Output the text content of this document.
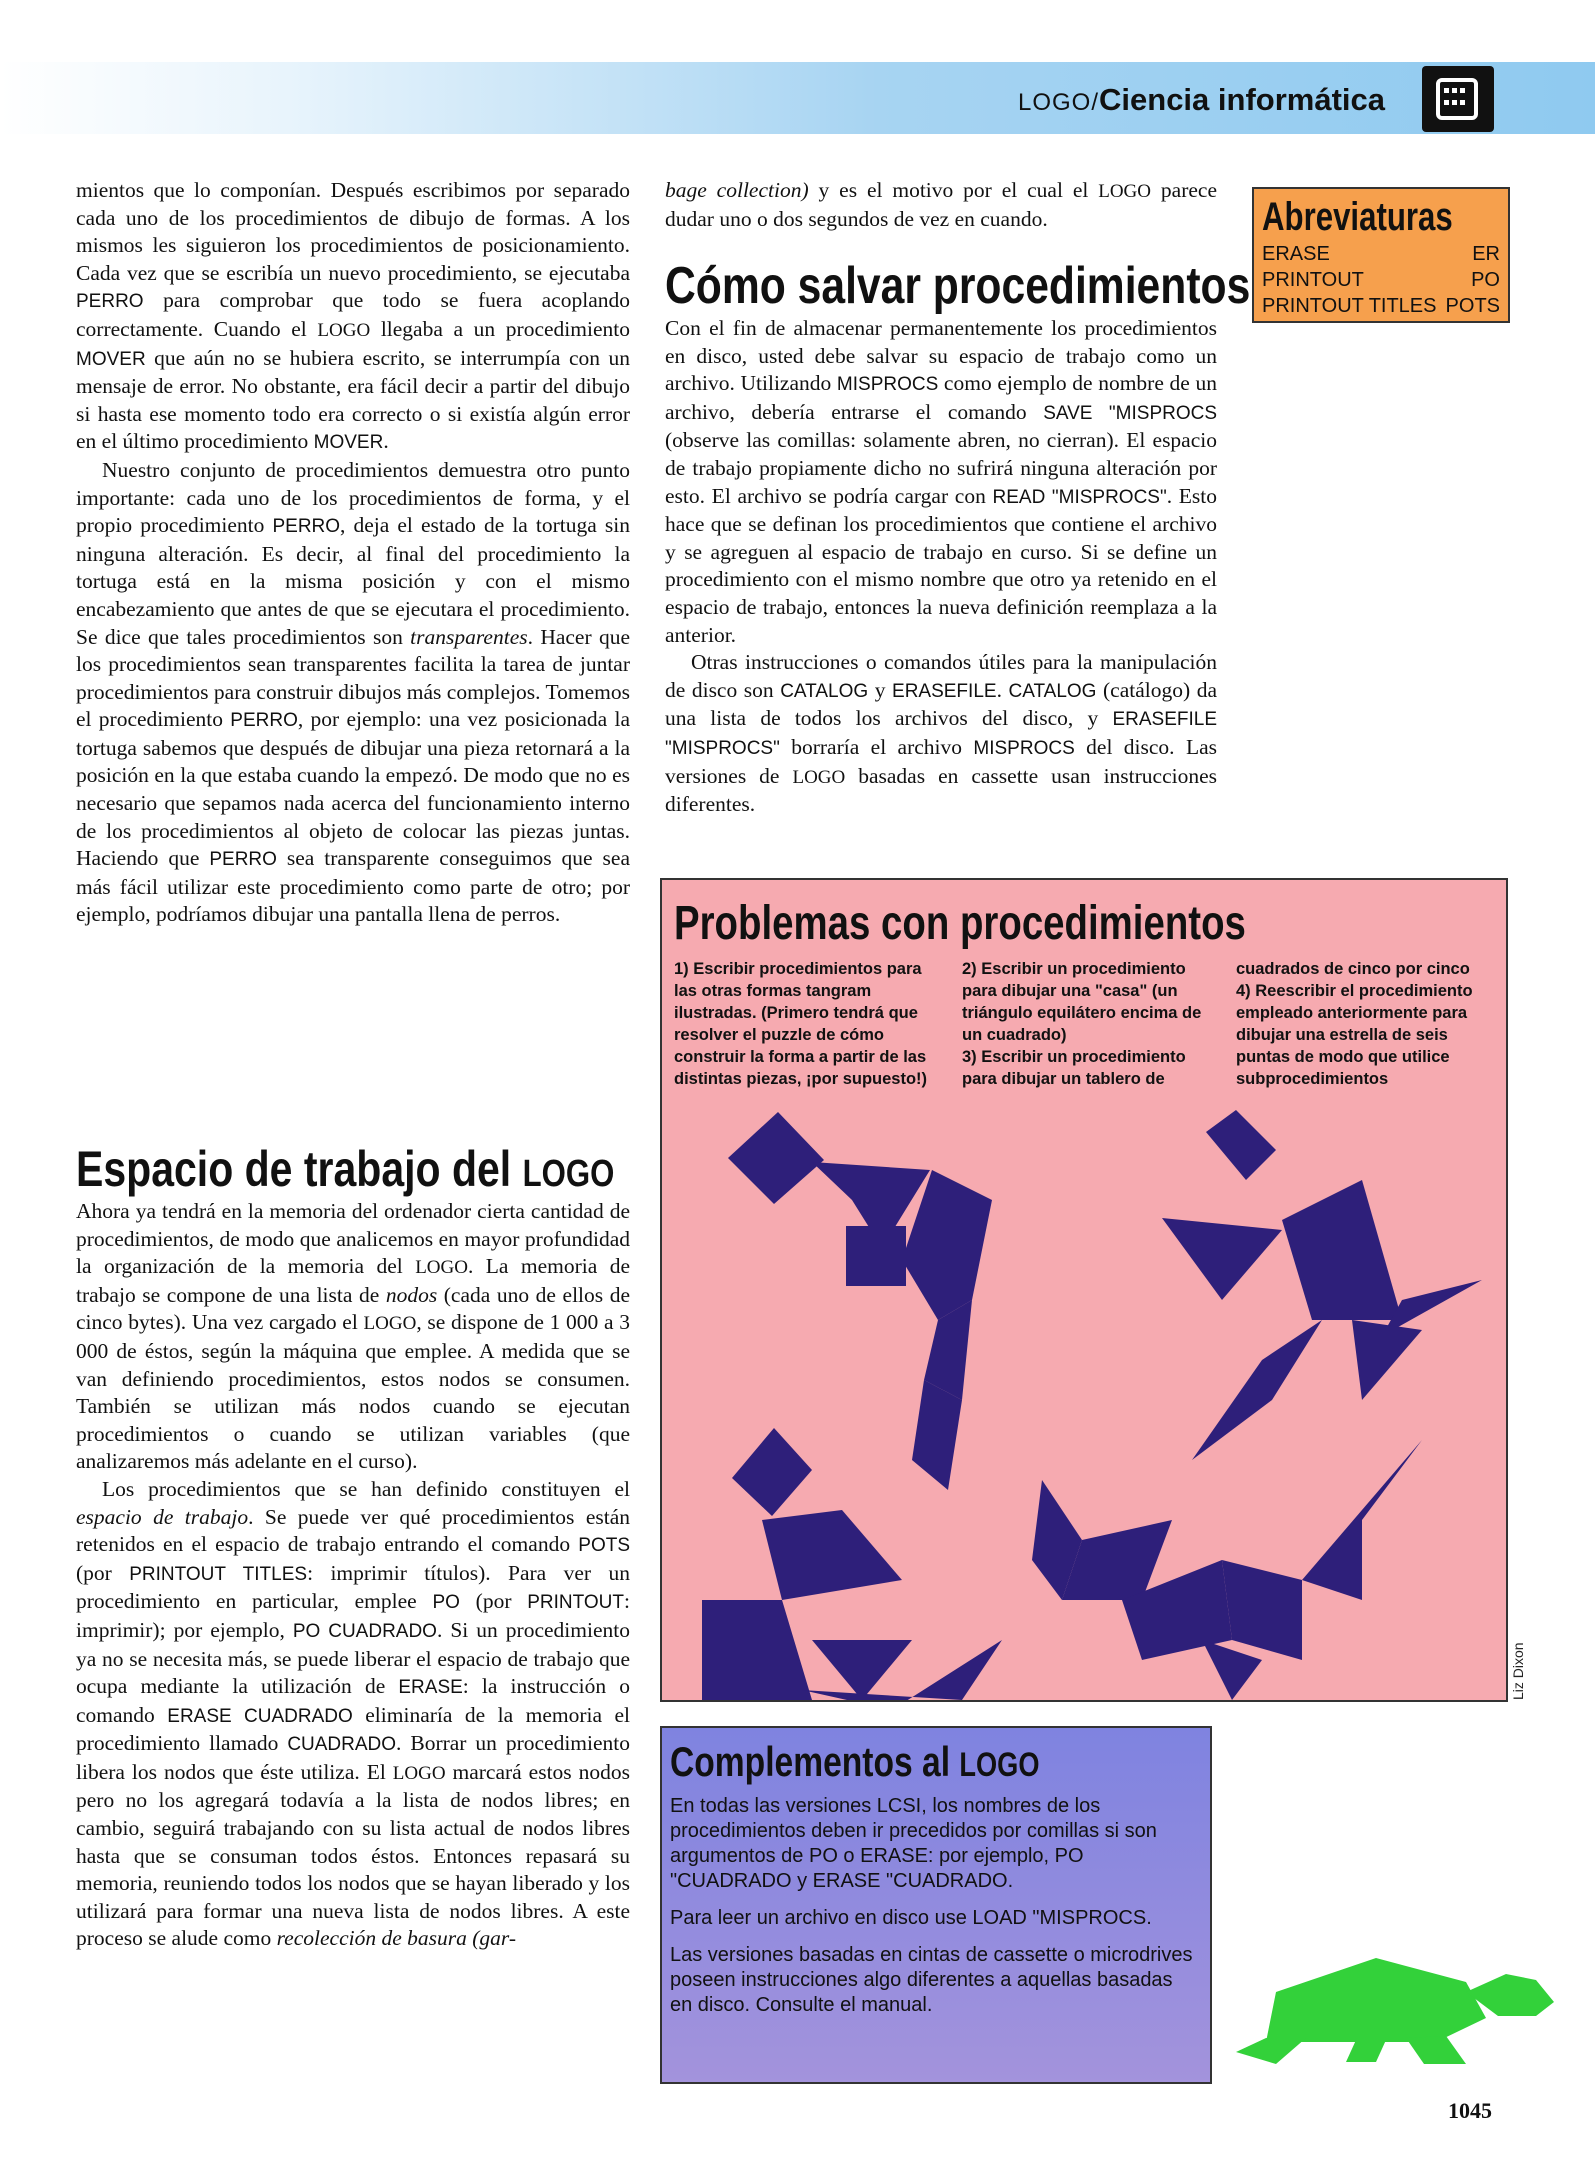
LOGO/Ciencia informática

mientos que lo componían. Después escribimos por separado cada uno de los procedimientos de dibujo de formas. A los mismos les siguieron los procedimientos de posicionamiento. Cada vez que se escribía un nuevo procedimiento, se ejecutaba PERRO para comprobar que todo se fuera acoplando correctamente. Cuando el LOGO llegaba a un procedimiento MOVER que aún no se hubiera escrito, se interrumpía con un mensaje de error. No obstante, era fácil decir a partir del dibujo si hasta ese momento todo era correcto o si existía algún error en el último procedimiento MOVER.

Nuestro conjunto de procedimientos demuestra otro punto importante: cada uno de los procedimientos de forma, y el propio procedimiento PERRO, deja el estado de la tortuga sin ninguna alteración. Es decir, al final del procedimiento la tortuga está en la misma posición y con el mismo encabezamiento que antes de que se ejecutara el procedimiento. Se dice que tales procedimientos son transparentes. Hacer que los procedimientos sean transparentes facilita la tarea de juntar procedimientos para construir dibujos más complejos. Tomemos el procedimiento PERRO, por ejemplo: una vez posicionada la tortuga sabemos que después de dibujar una pieza retornará a la posición en la que estaba cuando la empezó. De modo que no es necesario que sepamos nada acerca del funcionamiento interno de los procedimientos al objeto de colocar las piezas juntas. Haciendo que PERRO sea transparente conseguimos que sea más fácil utilizar este procedimiento como parte de otro; por ejemplo, podríamos dibujar una pantalla llena de perros.

Espacio de trabajo del LOGO

Ahora ya tendrá en la memoria del ordenador cierta cantidad de procedimientos, de modo que analicemos en mayor profundidad la organización de la memoria del LOGO. La memoria de trabajo se compone de una lista de nodos (cada uno de ellos de cinco bytes). Una vez cargado el LOGO, se dispone de 1 000 a 3 000 de éstos, según la máquina que emplee. A medida que se van definiendo procedimientos, estos nodos se consumen. También se utilizan más nodos cuando se ejecutan procedimientos o cuando se utilizan variables (que analizaremos más adelante en el curso).

Los procedimientos que se han definido constituyen el espacio de trabajo. Se puede ver qué procedimientos están retenidos en el espacio de trabajo entrando el comando POTS (por PRINTOUT TITLES: imprimir títulos). Para ver un procedimiento en particular, emplee PO (por PRINTOUT: imprimir); por ejemplo, PO CUADRADO. Si un procedimiento ya no se necesita más, se puede liberar el espacio de trabajo que ocupa mediante la utilización de ERASE: la instrucción o comando ERASE CUADRADO eliminaría de la memoria el procedimiento llamado CUADRADO. Borrar un procedimiento libera los nodos que éste utiliza. El LOGO marcará estos nodos pero no los agregará todavía a la lista de nodos libres; en cambio, seguirá trabajando con su lista actual de nodos libres hasta que se consuman todos éstos. Entonces repasará su memoria, reuniendo todos los nodos que se hayan liberado y los utilizará para formar una nueva lista de nodos libres. A este proceso se alude como recolección de basura (gar-

bage collection) y es el motivo por el cual el LOGO parece dudar uno o dos segundos de vez en cuando.

Cómo salvar procedimientos

Con el fin de almacenar permanentemente los procedimientos en disco, usted debe salvar su espacio de trabajo como un archivo. Utilizando MISPROCS como ejemplo de nombre de un archivo, debería entrarse el comando SAVE "MISPROCS (observe las comillas: solamente abren, no cierran). El espacio de trabajo propiamente dicho no sufrirá ninguna alteración por esto. El archivo se podría cargar con READ "MISPROCS". Esto hace que se definan los procedimientos que contiene el archivo y se agreguen al espacio de trabajo en curso. Si se define un procedimiento con el mismo nombre que otro ya retenido en el espacio de trabajo, entonces la nueva definición reemplaza a la anterior.

Otras instrucciones o comandos útiles para la manipulación de disco son CATALOG y ERASEFILE. CATALOG (catálogo) da una lista de todos los archivos del disco, y ERASEFILE "MISPROCS" borraría el archivo MISPROCS del disco. Las versiones de LOGO basadas en cassette usan instrucciones diferentes.

Abreviaturas
ERASE	ER
PRINTOUT	PO
PRINTOUT TITLES POTS
Problemas con procedimientos

1) Escribir procedimientos para las otras formas tangram ilustradas. (Primero tendrá que resolver el puzzle de cómo construir la forma a partir de las distintas piezas, ¡por supuesto!)

2) Escribir un procedimiento para dibujar una "casa" (un triángulo equilátero encima de un cuadrado)
3) Escribir un procedimiento para dibujar un tablero de

cuadrados de cinco por cinco
4) Reescribir el procedimiento empleado anteriormente para dibujar una estrella de seis puntas de modo que utilice subprocedimientos

Liz Dixon
Complementos al LOGO

En todas las versiones LCSI, los nombres de los procedimientos deben ir precedidos por comillas si son argumentos de PO o ERASE: por ejemplo, PO "CUADRADO y ERASE "CUADRADO.

Para leer un archivo en disco use LOAD "MISPROCS.

Las versiones basadas en cintas de cassette o microdrives poseen instrucciones algo diferentes a aquellas basadas en disco. Consulte el manual.

1045
